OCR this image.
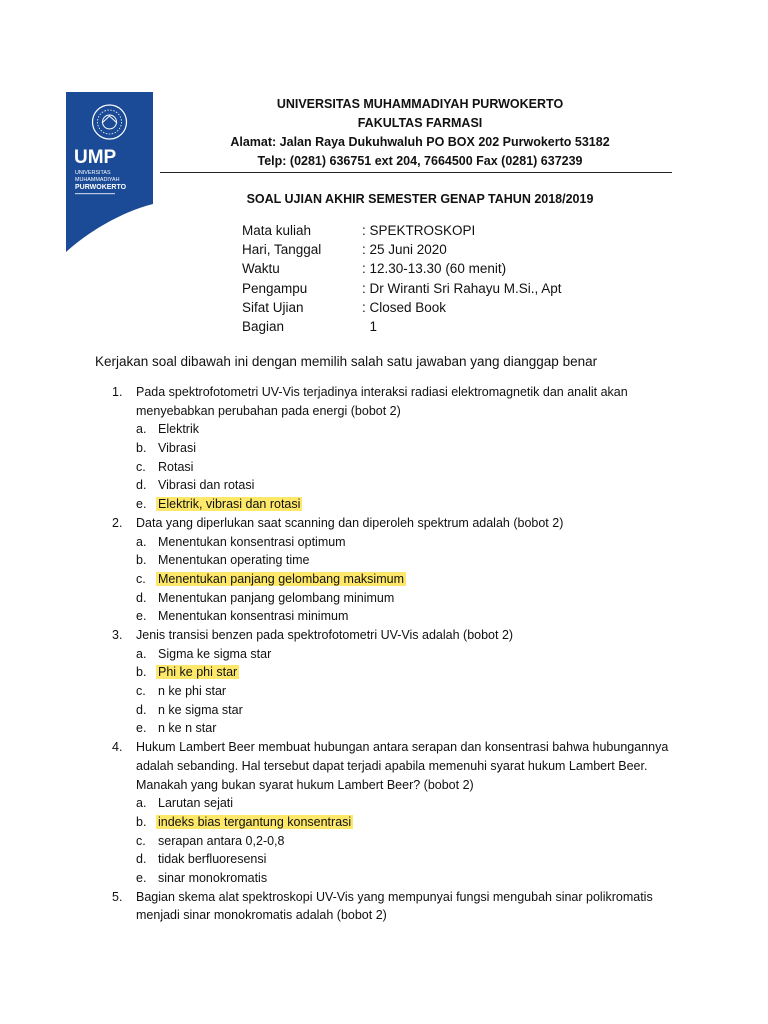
UMP
UNIVERSITAS
MUHAMMADIYAH
PURWOKERTO
UNIVERSITAS MUHAMMADIYAH PURWOKERTO
FAKULTAS FARMASI
Alamat: Jalan Raya Dukuhwaluh PO BOX 202 Purwokerto 53182
Telp: (0281) 636751 ext 204, 7664500 Fax (0281) 637239
SOAL UJIAN AKHIR SEMESTER GENAP TAHUN 2018/2019
Mata kuliah	: SPEKTROSKOPI
Hari, Tanggal	: 25 Juni 2020
Waktu	: 12.30-13.30 (60 menit)
Pengampu	: Dr Wiranti Sri Rahayu M.Si., Apt
Sifat Ujian	: Closed Book
Bagian	1
Kerjakan soal dibawah ini dengan memilih salah satu jawaban yang dianggap benar
1. Pada spektrofotometri UV-Vis terjadinya interaksi radiasi elektromagnetik dan analit akan menyebabkan perubahan pada energi (bobot 2)
a. Elektrik
b. Vibrasi
c. Rotasi
d. Vibrasi dan rotasi
e. Elektrik, vibrasi dan rotasi
2. Data yang diperlukan saat scanning dan diperoleh spektrum adalah (bobot 2)
a. Menentukan konsentrasi optimum
b. Menentukan operating time
c. Menentukan panjang gelombang maksimum
d. Menentukan panjang gelombang minimum
e. Menentukan konsentrasi minimum
3. Jenis transisi benzen pada spektrofotometri UV-Vis adalah (bobot 2)
a. Sigma ke sigma star
b. Phi ke phi star
c. n ke phi star
d. n ke sigma star
e. n ke n star
4. Hukum Lambert Beer membuat hubungan antara serapan dan konsentrasi bahwa hubungannya adalah sebanding. Hal tersebut dapat terjadi apabila memenuhi syarat hukum Lambert Beer. Manakah yang bukan syarat hukum Lambert Beer? (bobot 2)
a. Larutan sejati
b. indeks bias tergantung konsentrasi
c. serapan antara 0,2-0,8
d. tidak berfluoresensi
e. sinar monokromatis
5. Bagian skema alat spektroskopi UV-Vis yang mempunyai fungsi mengubah sinar polikromatis menjadi sinar monokromatis adalah (bobot 2)
